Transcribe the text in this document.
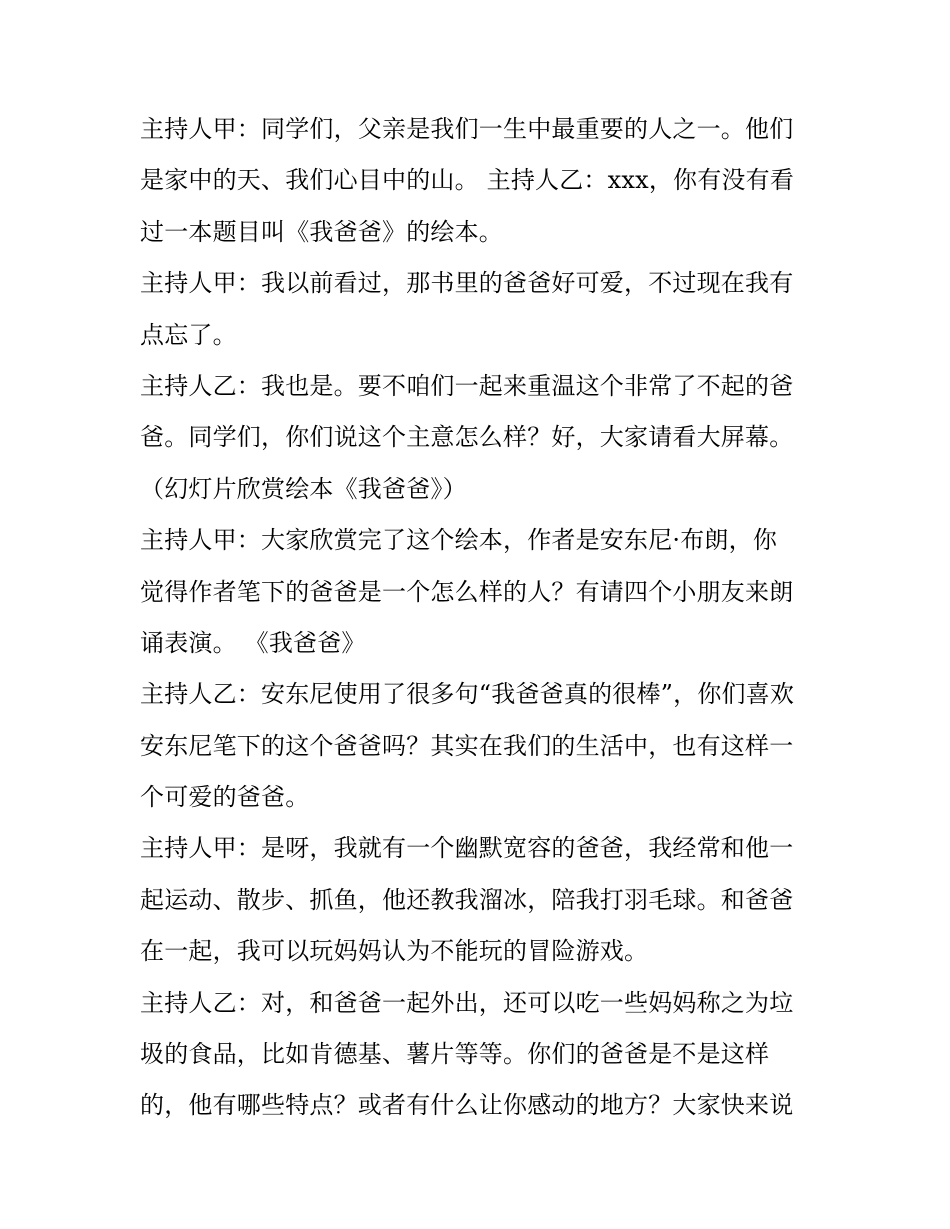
主持人甲：同学们，父亲是我们一生中最重要的人之一。他们
是家中的天、我们心目中的山。 主持人乙：xxx，你有没有看
过一本题目叫《我爸爸》的绘本。
主持人甲：我以前看过，那书里的爸爸好可爱，不过现在我有
点忘了。
主持人乙：我也是。要不咱们一起来重温这个非常了不起的爸
爸。同学们，你们说这个主意怎么样？好，大家请看大屏幕。
（幻灯片欣赏绘本《我爸爸》）
主持人甲：大家欣赏完了这个绘本，作者是安东尼·布朗，你
觉得作者笔下的爸爸是一个怎么样的人？有请四个小朋友来朗
诵表演。 《我爸爸》
主持人乙：安东尼使用了很多句“我爸爸真的很棒”，你们喜欢
安东尼笔下的这个爸爸吗？其实在我们的生活中，也有这样一
个可爱的爸爸。
主持人甲：是呀，我就有一个幽默宽容的爸爸，我经常和他一
起运动、散步、抓鱼，他还教我溜冰，陪我打羽毛球。和爸爸
在一起，我可以玩妈妈认为不能玩的冒险游戏。
主持人乙：对，和爸爸一起外出，还可以吃一些妈妈称之为垃
圾的食品，比如肯德基、薯片等等。你们的爸爸是不是这样
的，他有哪些特点？或者有什么让你感动的地方？大家快来说
